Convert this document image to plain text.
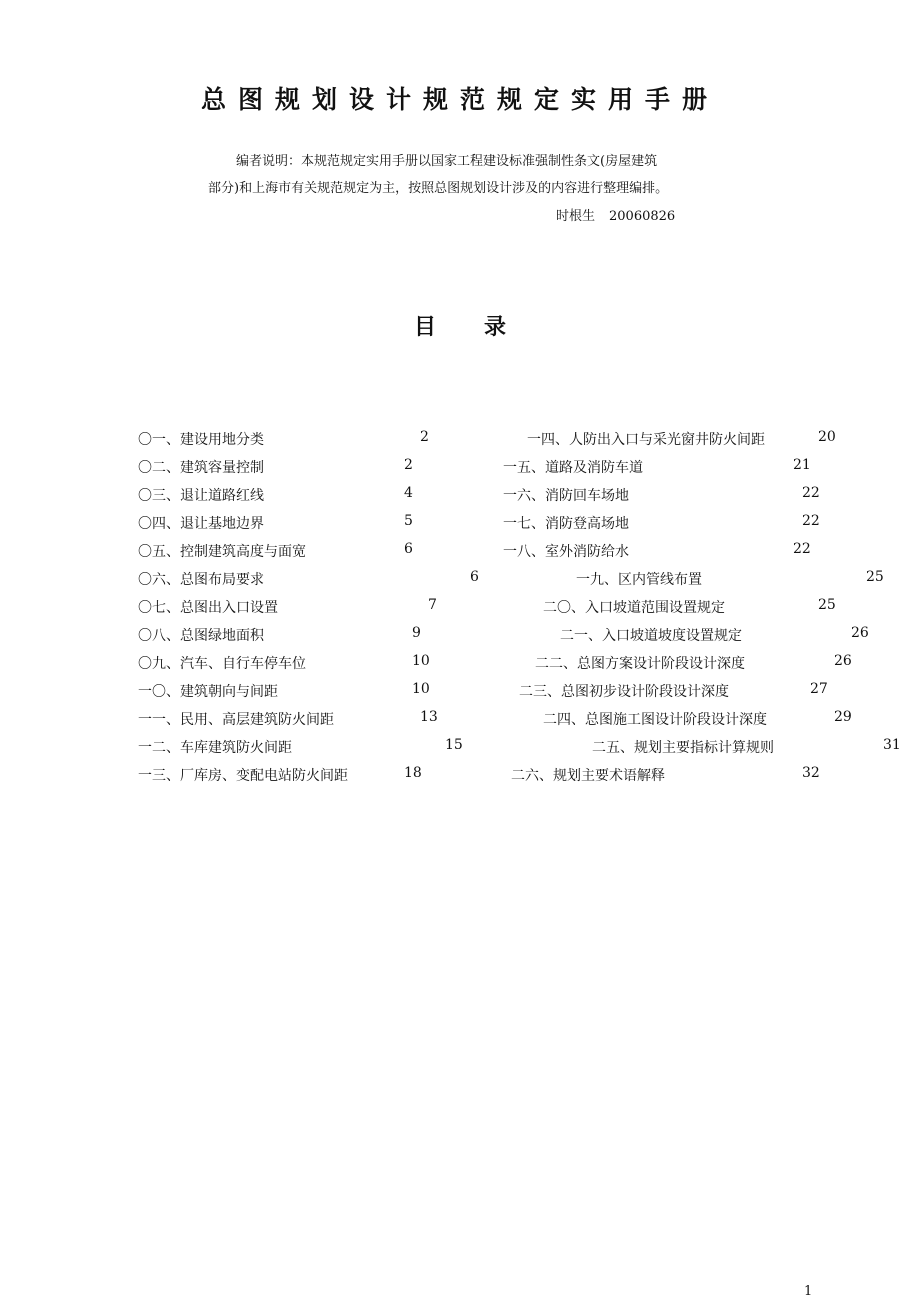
总图规划设计规范规定实用手册
编者说明：本规范规定实用手册以国家工程建设标准强制性条文(房屋建筑
部分)和上海市有关规范规定为主，按照总图规划设计涉及的内容进行整理编排。
时根生 20060826
目 录
〇一、建设用地分类	2
〇二、建筑容量控制	2
〇三、退让道路红线	4
〇四、退让基地边界	5
〇五、控制建筑高度与面宽	6
〇六、总图布局要求	6
〇七、总图出入口设置	7
〇八、总图绿地面积	9
〇九、汽车、自行车停车位	10
一〇、建筑朝向与间距	10
一一、民用、高层建筑防火间距	13
一二、车库建筑防火间距	15
一三、厂库房、变配电站防火间距	18
一四、人防出入口与采光窗井防火间距	20
一五、道路及消防车道	21
一六、消防回车场地	22
一七、消防登高场地	22
一八、室外消防给水	22
一九、区内管线布置	25
二〇、入口坡道范围设置规定	25
二一、入口坡道坡度设置规定	26
二二、总图方案设计阶段设计深度	26
二三、总图初步设计阶段设计深度	27
二四、总图施工图设计阶段设计深度	29
二五、规划主要指标计算规则	31
二六、规划主要术语解释	32
1
